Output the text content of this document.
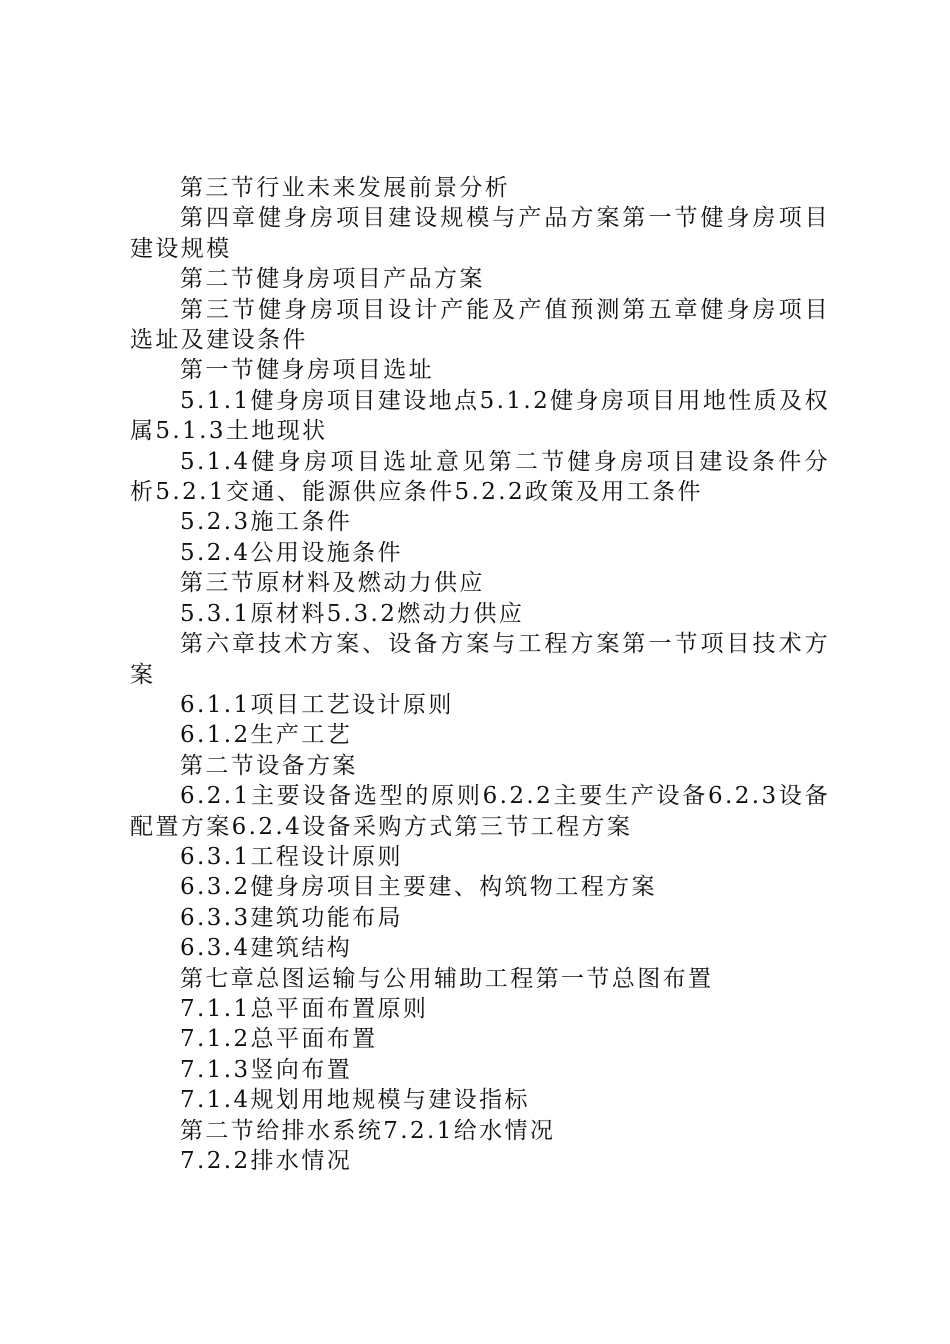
第三节行业未来发展前景分析

第四章健身房项目建设规模与产品方案第一节健身房项目建设规模

第二节健身房项目产品方案

第三节健身房项目设计产能及产值预测第五章健身房项目选址及建设条件

第一节健身房项目选址

5.1.1健身房项目建设地点5.1.2健身房项目用地性质及权属5.1.3土地现状

5.1.4健身房项目选址意见第二节健身房项目建设条件分析5.2.1交通、能源供应条件5.2.2政策及用工条件

5.2.3施工条件

5.2.4公用设施条件

第三节原材料及燃动力供应

5.3.1原材料5.3.2燃动力供应

第六章技术方案、设备方案与工程方案第一节项目技术方案

6.1.1项目工艺设计原则

6.1.2生产工艺

第二节设备方案

6.2.1主要设备选型的原则6.2.2主要生产设备6.2.3设备配置方案6.2.4设备采购方式第三节工程方案

6.3.1工程设计原则

6.3.2健身房项目主要建、构筑物工程方案

6.3.3建筑功能布局

6.3.4建筑结构

第七章总图运输与公用辅助工程第一节总图布置

7.1.1总平面布置原则

7.1.2总平面布置

7.1.3竖向布置

7.1.4规划用地规模与建设指标

第二节给排水系统7.2.1给水情况

7.2.2排水情况
